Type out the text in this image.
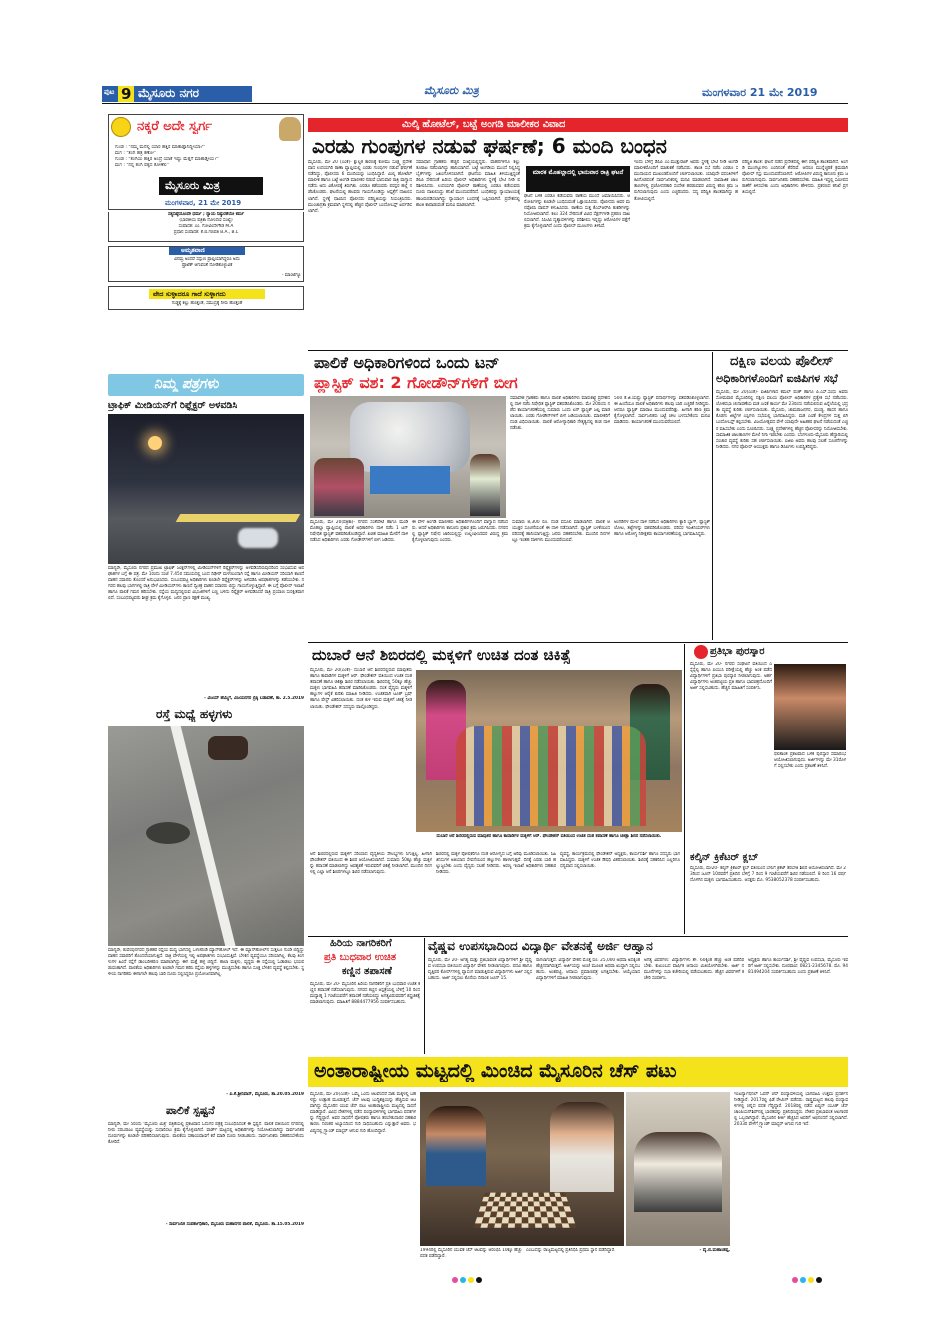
ಪುಟ 9 ಮೈಸೂರು ನಗರ	ಮೈಸೂರು ಮಿತ್ರ	ಮಂಗಳವಾರ 21 ಮೇ 2019
ನಕ್ಕರೆ ಅದೇ ಸ್ವರ್ಗ
ಗುಂಡ : "ನಮ್ಮ ಮನೆಲ್ಲಿ ಯಾರ ಹತ್ತಿರ ಮಾತಾಡ್ತಾನಿದ್ದೀಯಾ?"
ಮಗ : "ತಂಗಿ ಹತ್ರ ಕಣೋ"
ಗುಂಡ : "ತಂಗಿಯ ಹತ್ತಿರ ಅಂದ್ರೆ ಯಾಕೆ ಇಷ್ಟು ಮೆತ್ತಗೆ ಮಾತಾಡ್ತೀಯ?"
ಮಗ : "ನನ್ನ ತಂಗಿ ಪಕ್ಕದ ಕೋಣೆಲಿ"
ಮೈಸೂರು ಮಿತ್ರ
ಮಂಗಳವಾರ, 21 ಮೇ 2019
ಸತ್ಯನಿಷ್ಠೆಯೊಂದೇ ಧರ್ಮ ; ನ್ಯಾಯ ನಿಷ್ಠುರತೆಯೇ ಕರ್ಮ
(ಭಾರತೀಯ ಪತ್ರಿಕಾ ನೋಂದಣಿ ಸಂಖ್ಯೆ)
ಸಂಪಾದಕ: ಎಂ. ಗೋವಿಂದೇಗೌಡ M.A
ಪ್ರಧಾನ ಸಂಪಾದಕ: ಕೆ.ಬಿ.ಗಣಪತಿ B.A., B.L
ಅಮೃತವಾಣಿ
ವಿನಮ್ರ ಅಂದರೆ ಸದ್ಗುಣ ಪ್ರಾಪ್ತಿಯಾಗಿದ್ದರೂ ಅದು
ಪ್ರೊಟೆಕ್ ಆಗುವಂತೆ ನೋಡಿಕೊಳ್ಳುವಿಕೆ
- ಮಾಂಟೆಗ್ಯೂ
ವೇದ ಸುಳ್ಳಾದರೂ ಗಾದೆ ಸುಳ್ಳಾಗದು
ಗುಡ್ಡಕ್ಕೆ ಕಲ್ಲು ಹೊತ್ತಂತೆ, ಸಮುದ್ರಕ್ಕೆ ನೀರು ಹೊತ್ತಂತೆ
ನಿಮ್ಮ ಪತ್ರಗಳು
ಟ್ರಾಫಿಕ್ ಮೀಡಿಯನ್‌ಗೆ ರಿಫ್ಲೆಕ್ಟರ್ ಅಳವಡಿಸಿ
ಮಾನ್ಯರೇ, ಮೈಸೂರು ನಗರದ ಪ್ರಮುಖ ಟ್ರಾಫಿಕ್ ಜಂಕ್ಷನ್‌ಗಳಲ್ಲಿ ಮೀಡಿಯನ್‌ಗಳಿಗೆ ರಿಫ್ಲೆಕ್ಟರ್‌ಗಳನ್ನು ಅಳವಡಿಸದಿರುವುದರಿಂದ ಸಂಭವಿಸುವ ಅಪಘಾತಗಳ ಬಗ್ಗೆ ಈ ಪತ್ರ. ಮೇ 1ರಂದು ಸಂಜೆ 7.45ರ ಸಮಯದಲ್ಲಿ ಬಂದ ದಿಢೀರ್ ಮಳೆಯಿಂದಾಗಿ ರಸ್ತೆ ಹಾಗೂ ಮೀಡಿಯನ್ ಸರಿಯಾಗಿ ಕಾಣದೆ ವಾಹನ ಸವಾರರು ತೊಂದರೆ ಅನುಭವಿಸಿದರು. ಸಂಬಂಧಪಟ್ಟ ಅಧಿಕಾರಿಗಳು ಕೂಡಲೇ ರಿಫ್ಲೆಕ್ಟರ್‌ಗಳನ್ನು ಅಳವಡಿಸಿ ಅಪಘಾತಗಳನ್ನು ತಡೆಯಬೇಕು. ನಗರದ ಹಲವು ಭಾಗಗಳಲ್ಲಿ ರಾತ್ರಿ ವೇಳೆ ಮೀಡಿಯನ್‌ಗಳು ಕಾಣದೆ ದ್ವಿಚಕ್ರ ವಾಹನ ಸವಾರರು ಬಿದ್ದು ಗಾಯಗೊಳ್ಳುತ್ತಿದ್ದಾರೆ. ಈ ಬಗ್ಗೆ ಪೊಲೀಸ್ ಇಲಾಖೆ ಹಾಗೂ ಪಾಲಿಕೆ ಗಮನ ಹರಿಸಬೇಕು. ರಸ್ತೆಯ ಮಧ್ಯದಲ್ಲಿರುವ ವಿಭಜಕಗಳಿಗೆ ಬಣ್ಣ ಬಳಿದು ರಿಫ್ಲೆಕ್ಟರ್ ಅಳವಡಿಸಿದರೆ ರಾತ್ರಿ ಪ್ರಯಾಣ ಸುರಕ್ಷಿತವಾಗಲಿದೆ. ಸಂಬಂಧಪಟ್ಟವರು ಶೀಘ್ರ ಕ್ರಮ ಕೈಗೊಳ್ಳಲಿ. ಜನರ ಪ್ರಾಣ ರಕ್ಷಣೆ ಮುಖ್ಯ.
- ವಿಜಯ್ ಹೆಮ್ಮಿಗೆ, ವಿಜಯನಗರ ಬ್ರಿಕ್ಕಿ ಬಡಾವಣೆ, ತಾ. 2.5.2019
ರಸ್ತೆ ಮಧ್ಯೆ ಹಳ್ಳಗಳು
ಮಾನ್ಯರೇ, ಕುವೆಂಪುನಗರದ ಗ್ರಾಹಕರ ರಸ್ತೆಯ ಮಧ್ಯ ಭಾಗದಲ್ಲಿ ಒಳಚರಂಡಿ ಮ್ಯಾನ್‌ಹೋಲ್ ಇದೆ. ಈ ಮ್ಯಾನ್‌ಹೋಲ್‌ನ ಸುತ್ತಲೂ ಗುಂಡಿ ಬಿದ್ದಿದ್ದು ವಾಹನ ಸವಾರರಿಗೆ ತೊಂದರೆಯಾಗುತ್ತಿದೆ. ರಾತ್ರಿ ವೇಳೆಯಲ್ಲಿ ಇಲ್ಲಿ ಅಪಘಾತಗಳು ಸಂಭವಿಸುತ್ತಿವೆ. ಬೆಳಕಿನ ವ್ಯವಸ್ಥೆಯೂ ಸರಿಯಾಗಿಲ್ಲ. ಕೆಲವು ತಿಂಗಳುಗಳ ಹಿಂದೆ ರಸ್ತೆಗೆ ಡಾಂಬರೀಕರಣ ಮಾಡಲಾಗಿದ್ದು ಈಗ ಮತ್ತೆ ಹಳ್ಳ ಬಿದ್ದಿದೆ. ಶಾಲಾ ಮಕ್ಕಳು, ವೃದ್ಧರು ಈ ರಸ್ತೆಯಲ್ಲಿ ಓಡಾಡಲು ಭಯಪಡುವಂತಾಗಿದೆ. ಪಾಲಿಕೆಯ ಅಧಿಕಾರಿಗಳು ಕೂಡಲೇ ಗಮನ ಹರಿಸಿ ರಸ್ತೆಯ ಹಳ್ಳಗಳನ್ನು ಮುಚ್ಚಿಸಬೇಕು ಹಾಗೂ ಸೂಕ್ತ ಬೆಳಕಿನ ವ್ಯವಸ್ಥೆ ಕಲ್ಪಿಸಬೇಕು. ಸ್ಥಳೀಯ ನಾಗರಿಕರು ಈಗಾಗಲೇ ಹಲವು ಬಾರಿ ದೂರು ಸಲ್ಲಿಸಿದ್ದರೂ ಪ್ರಯೋಜನವಾಗಿಲ್ಲ.
- ಪಿ.ಕೆ.ಶ್ರೀನಿವಾಸ್, ಮೈಸೂರು, ತಾ.20.05.2019
ಪಾಲಿಕೆ ಸ್ಪಷ್ಟನೆ
ಮಾನ್ಯರೇ, ಮೇ 5ರಂದು 'ಮೈಸೂರು ಮಿತ್ರ' ಪತ್ರಿಕೆಯಲ್ಲಿ ಪ್ರಕಟವಾದ ಓದುಗರ ಪತ್ರಕ್ಕೆ ಸಂಬಂಧಿಸಿದಂತೆ ಈ ಸ್ಪಷ್ಟನೆ. ಪಾಲಿಕೆ ವತಿಯಿಂದ ನಗರದಲ್ಲಿ ನೀರು ಸರಬರಾಜು ವ್ಯವಸ್ಥೆಯನ್ನು ಸುಧಾರಿಸಲು ಕ್ರಮ ಕೈಗೊಳ್ಳಲಾಗಿದೆ. ವಾರ್ಡ್ ಮಟ್ಟದಲ್ಲಿ ಅಧಿಕಾರಿಗಳನ್ನು ನಿಯೋಜಿಸಲಾಗಿದ್ದು ಸಾರ್ವಜನಿಕರ ದೂರುಗಳನ್ನು ಕೂಡಲೇ ಪರಿಹರಿಸಲಾಗುವುದು. ಪಾಲಿಕೆಯ ಸಹಾಯವಾಣಿಗೆ ಕರೆ ಮಾಡಿ ದೂರು ನೀಡಬಹುದು. ಸಾರ್ವಜನಿಕರು ಸಹಕರಿಸಬೇಕೆಂದು ಕೋರಿದೆ.
- ಸಾರ್ವಜನಿಕ ಸಂಪರ್ಕಾಧಿಕಾರಿ, ಮೈಸೂರು ಮಹಾನಗರ ಪಾಲಿಕೆ, ಮೈಸೂರು. ತಾ.15.05.2019
ಮಿಲ್ಕಿ ಹೋಟೆಲ್, ಬಟ್ಟೆ ಅಂಗಡಿ ಮಾಲೀಕರ ವಿವಾದ
ಎರಡು ಗುಂಪುಗಳ ನಡುವೆ ಘರ್ಷಣೆ; 6 ಮಂದಿ ಬಂಧನ
ಮೈಸೂರು, ಮೇ 20 (ಎಂಕೆ)- ಕ್ಷುಲ್ಲಕ ಕಾರಣಕ್ಕೆ ಕೋಮು ಸೂಕ್ಷ್ಮ ಪ್ರದೇಶವಾದ ಉದಯಗಿರಿ ಠಾಣಾ ವ್ಯಾಪ್ತಿಯಲ್ಲಿ ಎರಡು ಗುಂಪುಗಳ ನಡುವೆ ಘರ್ಷಣೆ ನಡೆದಿದ್ದು, ಪೊಲೀಸರು 6 ಮಂದಿಯನ್ನು ಬಂಧಿಸಿದ್ದಾರೆ. ಮಿಲ್ಕಿ ಹೋಟೆಲ್ ಮಾಲೀಕ ಹಾಗೂ ಬಟ್ಟೆ ಅಂಗಡಿ ಮಾಲೀಕರ ನಡುವೆ ಭಾನುವಾರ ರಾತ್ರಿ ವಾಗ್ವಾದ ನಡೆದು ಅದು ವಿಕೋಪಕ್ಕೆ ತಿರುಗಿತು. ಎರಡೂ ಕಡೆಯವರು ಪರಸ್ಪರ ಹಲ್ಲೆ ನಡೆಸಿಕೊಂಡರು. ಘಟನೆಯಲ್ಲಿ ಹಲವರು ಗಾಯಗೊಂಡಿದ್ದು ಆಸ್ಪತ್ರೆಗೆ ದಾಖಲಿಸಲಾಗಿದೆ. ಸ್ಥಳಕ್ಕೆ ಧಾವಿಸಿದ ಪೊಲೀಸರು ಪರಿಸ್ಥಿತಿಯನ್ನು ನಿಯಂತ್ರಿಸಿದರು. ಮುಂಜಾಗ್ರತಾ ಕ್ರಮವಾಗಿ ಸ್ಥಳದಲ್ಲಿ ಹೆಚ್ಚಿನ ಪೊಲೀಸ್ ಬಂದೋಬಸ್ತ್ ಏರ್ಪಡಿಸಲಾಗಿದೆ.
ಸಮಾಧಾನ ಗ್ರಾಹಕರು ಹೆಚ್ಚಿನ ಸಂಖ್ಯೆಯಲ್ಲಿದ್ದರು. ವಾಹನಗಳಿಗೂ ಕಲ್ಲು ತೂರಾಟ ನಡೆಸಲಾಗಿದ್ದು ಹಾನಿಯಾಗಿದೆ. ಬಟ್ಟೆ ಅಂಗಡಿಯ ಮುಂದೆ ನಿಲ್ಲಿಸಿದ್ದ ಬೈಕ್‌ಗಳನ್ನು ಜಖಂಗೊಳಿಸಲಾಗಿದೆ. ಘಟನೆಯ ಮಾಹಿತಿ ತಿಳಿಯುತ್ತಿದ್ದಂತೆ ಡಿಸಿಪಿ ಸೇರಿದಂತೆ ಹಿರಿಯ ಪೊಲೀಸ್ ಅಧಿಕಾರಿಗಳು ಸ್ಥಳಕ್ಕೆ ಭೇಟಿ ನೀಡಿ ಪರಿಶೀಲಿಸಿದರು. ಉದಯಗಿರಿ ಪೊಲೀಸ್ ಠಾಣೆಯಲ್ಲಿ ಎರಡೂ ಕಡೆಯವರು ದೂರು ದಾಖಲಿಸಿದ್ದು ತನಿಖೆ ಮುಂದುವರೆದಿದೆ. ಬಂಧಿತರನ್ನು ನ್ಯಾಯಾಲಯಕ್ಕೆ ಹಾಜರುಪಡಿಸಲಾಗಿದ್ದು ನ್ಯಾಯಾಂಗ ಬಂಧನಕ್ಕೆ ಒಪ್ಪಿಸಲಾಗಿದೆ. ಪ್ರದೇಶದಲ್ಲಿ ಶಾಂತಿ ಕಾಪಾಡುವಂತೆ ಮನವಿ ಮಾಡಲಾಗಿದೆ.
ಮಾರಕ ಮೊಹಲ್ಲಾದಲ್ಲಿ ಭಾನುವಾರ ರಾತ್ರಿ ಘಟನೆ
ಘಟನೆ ಬಳಿಕ ಎರಡೂ ಕಡೆಯವರು ಠಾಣೆಯ ಮುಂದೆ ಜಮಾಯಿಸಿದರು. ಆರೋಪಿಗಳನ್ನು ಕೂಡಲೇ ಬಂಧಿಸುವಂತೆ ಒತ್ತಾಯಿಸಿದರು. ಪೊಲೀಸರು ಅವರ ಮನವೊಲಿಸಿ ವಾಪಸ್ ಕಳುಹಿಸಿದರು. ಠಾಣೆಯ ಸುತ್ತ ಕೆಎಸ್‌ಆರ್‌ಪಿ ತುಕಡಿಗಳನ್ನು ನಿಯೋಜಿಸಲಾಗಿದೆ. ಕಲಂ 324 ಸೇರಿದಂತೆ ವಿವಿಧ ಸೆಕ್ಷನ್‌ಗಳಡಿ ಪ್ರಕರಣ ದಾಖಲಿಸಲಾಗಿದೆ. ಸಿಸಿಟಿವಿ ದೃಶ್ಯಾವಳಿಗಳನ್ನು ಪರಿಶೀಲಿಸಿ ಇನ್ನಷ್ಟು ಆರೋಪಿಗಳ ಪತ್ತೆಗೆ ಕ್ರಮ ಕೈಗೊಳ್ಳಲಾಗಿದೆ ಎಂದು ಪೊಲೀಸ್ ಮೂಲಗಳು ತಿಳಿಸಿವೆ.
ಇಂದು ಬೆಳಿಗ್ಗೆ ಡಿಸಿಪಿ ಎಂ.ಮುತ್ತುರಾಜ್ ಅವರು ಸ್ಥಳಕ್ಕೆ ಭೇಟಿ ನೀಡಿ ಅಂಗಡಿ ಮಾಲೀಕರೊಂದಿಗೆ ಮಾತುಕತೆ ನಡೆಸಿದರು. ಶಾಂತಿ ಸಭೆ ನಡೆಸಿ ಎರಡೂ ಸಮುದಾಯದ ಮುಖಂಡರೊಂದಿಗೆ ಚರ್ಚಿಸಲಾಯಿತು. ಯಾವುದೇ ವದಂತಿಗಳಿಗೆ ಕಿವಿಗೊಡದಂತೆ ಸಾರ್ವಜನಿಕರಲ್ಲಿ ಮನವಿ ಮಾಡಲಾಗಿದೆ. ಸಾಮಾಜಿಕ ಜಾಲತಾಣಗಳಲ್ಲಿ ಪ್ರಚೋದನಕಾರಿ ಸಂದೇಶ ಹರಡುವವರ ವಿರುದ್ಧ ಕಠಿಣ ಕ್ರಮ ಜರುಗಿಸಲಾಗುವುದು ಎಂದು ಎಚ್ಚರಿಸಿದರು. ಸದ್ಯ ಪರಿಸ್ಥಿತಿ ಶಾಂತವಾಗಿದ್ದು ಹತೋಟಿಯಲ್ಲಿದೆ.
ಪರಿಸ್ಥಿತಿ ಶಾಂತ: ಘಟನೆ ನಡೆದ ಪ್ರದೇಶದಲ್ಲಿ ಈಗ ಪರಿಸ್ಥಿತಿ ಶಾಂತವಾಗಿದೆ. ಅಂಗಡಿ ಮುಂಗಟ್ಟುಗಳು ಎಂದಿನಂತೆ ತೆರೆದಿವೆ. ಆದರೂ ಮುನ್ನೆಚ್ಚರಿಕೆ ಕ್ರಮವಾಗಿ ಪೊಲೀಸ್ ಗಸ್ತು ಮುಂದುವರೆಸಲಾಗಿದೆ. ಆರೋಪಿಗಳ ವಿರುದ್ಧ ಕಾನೂನು ಕ್ರಮ ಜರುಗಿಸಲಾಗುವುದು. ಸಾರ್ವಜನಿಕರು ಸಹಕರಿಸಬೇಕು. ಮಾಹಿತಿ ಇದ್ದಲ್ಲಿ ಸಮೀಪದ ಠಾಣೆಗೆ ತಿಳಿಸಬೇಕು ಎಂದು ಅಧಿಕಾರಿಗಳು ಹೇಳಿದರು. ಪ್ರಕರಣದ ತನಿಖೆ ಪ್ರಗತಿಯಲ್ಲಿದೆ.
ಪಾಲಿಕೆ ಅಧಿಕಾರಿಗಳಿಂದ ಒಂದು ಟನ್
ಪ್ಲಾಸ್ಟಿಕ್ ವಶ: 2 ಗೋಡೌನ್‌ಗಳಿಗೆ ಬೀಗ
ಸಮಾವೇಶ ಗ್ರಾಹಕರು ಹಾಗೂ ಪಾಲಿಕೆ ಅಧಿಕಾರಿಗಳು ಮಾರುಕಟ್ಟೆ ಪ್ರದೇಶದಲ್ಲಿ ದಾಳಿ ನಡೆಸಿ ನಿಷೇಧಿತ ಪ್ಲಾಸ್ಟಿಕ್ ವಶಪಡಿಸಿಕೊಂಡರು. ಮೇ 20ರಂದು ನಡೆದ ಕಾರ್ಯಾಚರಣೆಯಲ್ಲಿ ಸುಮಾರು ಒಂದು ಟನ್ ಪ್ಲಾಸ್ಟಿಕ್ ಜಪ್ತಿ ಮಾಡಲಾಯಿತು. ಎರಡು ಗೋಡೌನ್‌ಗಳಿಗೆ ಬೀಗ ಜಡಿಯಲಾಯಿತು. ಮಾಲೀಕರಿಗೆ ದಂಡ ವಿಧಿಸಲಾಯಿತು. ಪಾಲಿಕೆ ಆರೋಗ್ಯಾಧಿಕಾರಿ ನೇತೃತ್ವದಲ್ಲಿ ತಂಡ ದಾಳಿ ನಡೆಸಿತು.
500 ಕೆ.ಜಿ.ಯಷ್ಟು ಪ್ಲಾಸ್ಟಿಕ್ ಪದಾರ್ಥಗಳನ್ನು ವಶಪಡಿಸಿಕೊಳ್ಳಲಾಗಿದೆ. ಈ ಹಿಂದೆಯೂ ಪಾಲಿಕೆ ಅಧಿಕಾರಿಗಳು ಹಲವು ಬಾರಿ ಎಚ್ಚರಿಕೆ ನೀಡಿದ್ದರು. ಆದರೂ ಪ್ಲಾಸ್ಟಿಕ್ ಮಾರಾಟ ಮುಂದುವರೆದಿತ್ತು. ಹೀಗಾಗಿ ಕಠಿಣ ಕ್ರಮ ಕೈಗೊಳ್ಳಲಾಗಿದೆ. ಸಾರ್ವಜನಿಕರು ಬಟ್ಟೆ ಚೀಲ ಬಳಸಬೇಕೆಂದು ಮನವಿ ಮಾಡಿದರು. ಕಾರ್ಯಾಚರಣೆ ಮುಂದುವರೆಯಲಿದೆ.
ಮೈಸೂರು, ಮೇ 20(ಪತ್ರಿಕಾ)- ನಗರದ ಸಂತೆಪೇಟೆ ಹಾಗೂ ಮಂಡಿ ಮೊಹಲ್ಲಾ ವ್ಯಾಪ್ತಿಯಲ್ಲಿ ಪಾಲಿಕೆ ಅಧಿಕಾರಿಗಳು ದಾಳಿ ನಡೆಸಿ 1 ಟನ್ ನಿಷೇಧಿತ ಪ್ಲಾಸ್ಟಿಕ್ ವಶಪಡಿಸಿಕೊಂಡಿದ್ದಾರೆ. ಖಚಿತ ಮಾಹಿತಿ ಮೇರೆಗೆ ದಾಳಿ ನಡೆಸಿದ ಅಧಿಕಾರಿಗಳು ಎರಡು ಗೋಡೌನ್‌ಗಳಿಗೆ ಬೀಗ ಜಡಿದರು.
ಈ ವೇಳೆ ಅಂಗಡಿ ಮಾಲೀಕರು ಅಧಿಕಾರಿಗಳೊಂದಿಗೆ ವಾಗ್ವಾದ ನಡೆಸಿದರು. ಆದರೆ ಅಧಿಕಾರಿಗಳು ಕಾನೂನು ಪ್ರಕಾರ ಕ್ರಮ ಜರುಗಿಸಿದರು. ನಗರದಲ್ಲಿ ಪ್ಲಾಸ್ಟಿಕ್ ನಿಷೇಧ ಜಾರಿಯಲ್ಲಿದ್ದು ಉಲ್ಲಂಘಿಸಿದವರ ವಿರುದ್ಧ ಕ್ರಮ ಕೈಗೊಳ್ಳಲಾಗುವುದು ಎಂದರು.
ಸುಮಾರು 8,300 ರೂ. ದಂಡ ವಸೂಲಿ ಮಾಡಲಾಗಿದೆ. ಪಾಲಿಕೆ ಆಯುಕ್ತರ ಸೂಚನೆಯಂತೆ ಈ ದಾಳಿ ನಡೆಸಲಾಗಿದೆ. ಪ್ಲಾಸ್ಟಿಕ್ ಬಳಕೆಯಿಂದ ಪರಿಸರಕ್ಕೆ ಹಾನಿಯಾಗುತ್ತಿದ್ದು ಜನರು ಸಹಕರಿಸಬೇಕು. ಮುಂದಿನ ದಿನಗಳಲ್ಲೂ ಇಂತಹ ದಾಳಿಗಳು ಮುಂದುವರೆಯಲಿವೆ.
ಅಂಗಡಿಗಳ ಮೇಲೆ ದಾಳಿ ನಡೆಸಿದ ಅಧಿಕಾರಿಗಳು ಕ್ಯಾರಿ ಬ್ಯಾಗ್, ಪ್ಲಾಸ್ಟಿಕ್ ಲೋಟ, ತಟ್ಟೆಗಳನ್ನು ವಶಪಡಿಸಿಕೊಂಡರು. ಪರಿಸರ ಇಂಜಿನಿಯರ್‌ಗಳು ಹಾಗೂ ಆರೋಗ್ಯ ನಿರೀಕ್ಷಕರು ಕಾರ್ಯಾಚರಣೆಯಲ್ಲಿ ಭಾಗವಹಿಸಿದ್ದರು.
ದಕ್ಷಿಣ ವಲಯ ಪೊಲೀಸ್
ಅಧಿಕಾರಿಗಳೊಂದಿಗೆ ಐಜಿಪಿಗಳ ಸಭೆ
ಮೈಸೂರು, ಮೇ 20(ಎಂಕೆ)- ಐಜಿಪಿಗಳಾದ ಕಮಲ್ ಪಂತ್ ಹಾಗೂ ಪಿ.ಎಸ್.ಸಂಧು ಅವರು ಸೋಮವಾರ ಮೈಸೂರಿನಲ್ಲಿ ದಕ್ಷಿಣ ವಲಯ ಪೊಲೀಸ್ ಅಧಿಕಾರಿಗಳ ಪ್ರತ್ಯೇಕ ಸಭೆ ನಡೆಸಿದರು. ಲೋಕಸಭಾ ಚುನಾವಣೆಯ ಮತ ಎಣಿಕೆ ಕಾರ್ಯ ಮೇ 23ರಂದು ನಡೆಯಲಿರುವ ಹಿನ್ನೆಲೆಯಲ್ಲಿ ಭದ್ರತಾ ವ್ಯವಸ್ಥೆ ಕುರಿತು ಚರ್ಚಿಸಲಾಯಿತು. ಮೈಸೂರು, ಚಾಮರಾಜನಗರ, ಮಂಡ್ಯ, ಹಾಸನ ಹಾಗೂ ಕೊಡಗು ಜಿಲ್ಲೆಗಳ ಎಸ್ಪಿಗಳು ಸಭೆಯಲ್ಲಿ ಭಾಗವಹಿಸಿದ್ದರು. ಮತ ಎಣಿಕೆ ಕೇಂದ್ರಗಳ ಸುತ್ತ ಬಿಗಿ ಬಂದೋಬಸ್ತ್ ಕಲ್ಪಿಸಬೇಕು. ವಿಜಯೋತ್ಸವದ ವೇಳೆ ಯಾವುದೇ ಅಹಿತಕರ ಘಟನೆ ನಡೆಯದಂತೆ ಎಚ್ಚರ ವಹಿಸಬೇಕು ಎಂದು ಸೂಚಿಸಿದರು. ಸೂಕ್ಷ್ಮ ಪ್ರದೇಶಗಳಲ್ಲಿ ಹೆಚ್ಚಿನ ಪೊಲೀಸರನ್ನು ನಿಯೋಜಿಸಬೇಕು. ಸಾಮಾಜಿಕ ಜಾಲತಾಣಗಳ ಮೇಲೆ ನಿಗಾ ಇಡಬೇಕು ಎಂದರು. ಬೆಂಗಳೂರು-ಮೈಸೂರು ಹೆದ್ದಾರಿಯಲ್ಲಿ ಸಂಚಾರ ವ್ಯವಸ್ಥೆ ಕುರಿತು ಸಹ ಚರ್ಚಿಸಲಾಯಿತು. ಐಜಿಪಿ ಅವರು ಹಲವು ಸಲಹೆ ಸೂಚನೆಗಳನ್ನು ನೀಡಿದರು. ನಗರ ಪೊಲೀಸ್ ಆಯುಕ್ತರು ಹಾಗೂ ಡಿಸಿಪಿಗಳು ಉಪಸ್ಥಿತರಿದ್ದರು.
ದುಬಾರೆ ಆನೆ ಶಿಬಿರದಲ್ಲಿ ಮಕ್ಕಳಿಗೆ ಉಚಿತ ದಂತ ಚಿಕಿತ್ಸೆ
ಮೈಸೂರು, ಮೇ 20(ಎಂಕೆ)- ದುಬಾರೆ ಆನೆ ಶಿಬಿರದಲ್ಲಿರುವ ಮಾವುತರು ಹಾಗೂ ಕಾವಾಡಿಗಳ ಮಕ್ಕಳಿಗೆ ಆರ್. ಫೌಂಡೇಶನ್ ವತಿಯಿಂದ ಉಚಿತ ದಂತ ತಪಾಸಣೆ ಹಾಗೂ ಚಿಕಿತ್ಸಾ ಶಿಬಿರ ನಡೆಸಲಾಯಿತು. ಶಿಬಿರದಲ್ಲಿ 50ಕ್ಕೂ ಹೆಚ್ಚು ಮಕ್ಕಳು ಭಾಗವಹಿಸಿ ತಪಾಸಣೆ ಮಾಡಿಸಿಕೊಂಡರು. ದಂತ ವೈದ್ಯರು ಮಕ್ಕಳಿಗೆ ಹಲ್ಲುಗಳ ಆರೈಕೆ ಕುರಿತು ಮಾಹಿತಿ ನೀಡಿದರು. ಉಚಿತವಾಗಿ ಟೂತ್ ಬ್ರಷ್ ಹಾಗೂ ಪೇಸ್ಟ್ ವಿತರಿಸಲಾಯಿತು. ದಂತ ಕುಳಿ ಇರುವ ಮಕ್ಕಳಿಗೆ ಚಿಕಿತ್ಸೆ ನೀಡಲಾಯಿತು. ಫೌಂಡೇಶನ್ ಸದಸ್ಯರು ಪಾಲ್ಗೊಂಡಿದ್ದರು.
ದುಬಾರೆ ಆನೆ ಶಿಬಿರದಲ್ಲಿರುವ ಮಾವುತರ ಹಾಗೂ ಕಾವಾಡಿಗಳ ಮಕ್ಕಳಿಗೆ ಆರ್. ಫೌಂಡೇಶನ್ ವತಿಯಿಂದ ಉಚಿತ ದಂತ ತಪಾಸಣೆ ಹಾಗೂ ಚಿಕಿತ್ಸಾ ಶಿಬಿರ ನಡೆಸಲಾಯಿತು.
ಆನೆ ಶಿಬಿರದಲ್ಲಿರುವ ಮಕ್ಕಳಿಗೆ ಸರಿಯಾದ ವೈದ್ಯಕೀಯ ಸೌಲಭ್ಯಗಳು ಸಿಗುತ್ತಿಲ್ಲ. ಹೀಗಾಗಿ ಫೌಂಡೇಶನ್ ವತಿಯಿಂದ ಈ ಶಿಬಿರ ಆಯೋಜಿಸಲಾಗಿದೆ. ಸುಮಾರು 50ಕ್ಕೂ ಹೆಚ್ಚು ಮಕ್ಕಳನ್ನು ತಪಾಸಣೆ ಮಾಡಲಾಗಿದ್ದು ಅವಶ್ಯಕತೆ ಇರುವವರಿಗೆ ಚಿಕಿತ್ಸೆ ನೀಡಲಾಗಿದೆ. ಮುಂದಿನ ದಿನಗಳಲ್ಲಿ ಎಲ್ಲಾ ಆನೆ ಶಿಬಿರಗಳಲ್ಲೂ ಶಿಬಿರ ನಡೆಸಲಾಗುವುದು.
ಶಿಬಿರದಲ್ಲಿ ಮಕ್ಕಳ ಪೋಷಕರಿಗೂ ದಂತ ಆರೋಗ್ಯದ ಬಗ್ಗೆ ಅರಿವು ಮೂಡಿಸಲಾಯಿತು. ಸಿಹಿ ತಿನಿಸುಗಳ ಅತಿಯಾದ ಸೇವನೆಯಿಂದ ಹಲ್ಲುಗಳು ಹಾಳಾಗುತ್ತವೆ. ದಿನಕ್ಕೆ ಎರಡು ಬಾರಿ ಹಲ್ಲುಜ್ಜಬೇಕು ಎಂದು ವೈದ್ಯರು ಸಲಹೆ ನೀಡಿದರು. ಅರಣ್ಯ ಇಲಾಖೆ ಅಧಿಕಾರಿಗಳು ಸಹಕಾರ ನೀಡಿದರು.
ವ್ಯವಸ್ಥೆ, ಕಾರ್ಯಕ್ರಮದಲ್ಲಿ ಫೌಂಡೇಶನ್ ಅಧ್ಯಕ್ಷರು, ಕಾರ್ಯದರ್ಶಿ ಹಾಗೂ ಸದಸ್ಯರು ಭಾಗವಹಿಸಿದ್ದರು. ಮಕ್ಕಳಿಗೆ ಉಚಿತ ಔಷಧಿ ವಿತರಿಸಲಾಯಿತು. ಶಿಬಿರಕ್ಕೆ ಸಹಕರಿಸಿದ ಎಲ್ಲರಿಗೂ ಧನ್ಯವಾದ ಸಲ್ಲಿಸಲಾಯಿತು.
ಪ್ರತಿಭಾ ಪುರಸ್ಕಾರ
ಮೈಸೂರು, ಮೇ 20- ನಗರದ ಸಂಘಟನೆ ವತಿಯಿಂದ ಎಸ್ಸೆಸ್ಸೆಲ್ಸಿ ಹಾಗೂ ಪಿಯುಸಿ ಪರೀಕ್ಷೆಯಲ್ಲಿ ಹೆಚ್ಚು ಅಂಕ ಪಡೆದ ವಿದ್ಯಾರ್ಥಿಗಳಿಗೆ ಪ್ರತಿಭಾ ಪುರಸ್ಕಾರ ನೀಡಲಾಗುವುದು. ಅರ್ಹ ವಿದ್ಯಾರ್ಥಿಗಳು ಅಂಕಪಟ್ಟಿಯ ಪ್ರತಿ ಹಾಗೂ ಭಾವಚಿತ್ರದೊಂದಿಗೆ ಅರ್ಜಿ ಸಲ್ಲಿಸಬಹುದು. ಹೆಚ್ಚಿನ ಮಾಹಿತಿಗೆ ಸಂಪರ್ಕಿಸಿ.
ಫಲಿತಾಂಶ ಪ್ರಕಟವಾದ ಬಳಿಕ ಪುರಸ್ಕಾರ ಸಮಾರಂಭ ಆಯೋಜಿಸಲಾಗುವುದು. ಅರ್ಜಿಗಳನ್ನು ಮೇ 31ರೊಳಗೆ ಸಲ್ಲಿಸಬೇಕು ಎಂದು ಪ್ರಕಟಣೆ ತಿಳಿಸಿದೆ.
ಕಲ್ಕಿನ್ ಕ್ರಿಕೆಟರ್ ಕ್ಲಬ್
ಮೈಸೂರು, ಮೇ20- ಕಲ್ಕಿನ್ ಕ್ರಿಕೆಟರ್ ಕ್ಲಬ್ ವತಿಯಿಂದ ಬೇಸಿಗೆ ಕ್ರಿಕೆಟ್ ತರಬೇತಿ ಶಿಬಿರ ಆಯೋಜಿಸಲಾಗಿದೆ. ಮೇ 23ರಿಂದ ಜೂನ್ 10ರವರೆಗೆ ಪ್ರತಿದಿನ ಬೆಳಿಗ್ಗೆ 7 ರಿಂದ 9 ಗಂಟೆಯವರೆಗೆ ಶಿಬಿರ ನಡೆಯಲಿದೆ. 8 ರಿಂದ 16 ವರ್ಷದೊಳಗಿನ ಮಕ್ಕಳು ಭಾಗವಹಿಸಬಹುದು. ಆಸಕ್ತರು ಮೊ. 9538052378 ಸಂಪರ್ಕಿಸಬಹುದು.
ಹಿರಿಯ ನಾಗರಿಕರಿಗೆ
ಪ್ರತಿ ಬುಧವಾರ ಉಚಿತ
ಕಣ್ಣಿನ ತಪಾಸಣೆ
ಮೈಸೂರು, ಮೇ 20- ಮೈಸೂರಿನ ಹಿರಿಯ ನಾಗರಿಕರಿಗೆ ಪ್ರತಿ ಬುಧವಾರ ಉಚಿತ ಕಣ್ಣಿನ ತಪಾಸಣೆ ನಡೆಸಲಾಗುವುದು. ನಗರದ ಕಣ್ಣಿನ ಆಸ್ಪತ್ರೆಯಲ್ಲಿ ಬೆಳಿಗ್ಗೆ 10 ರಿಂದ ಮಧ್ಯಾಹ್ನ 1 ಗಂಟೆಯವರೆಗೆ ತಪಾಸಣೆ ನಡೆಯಲಿದ್ದು ಅಗತ್ಯವಿರುವವರಿಗೆ ಶಸ್ತ್ರಚಿಕಿತ್ಸೆ ಮಾಡಲಾಗುವುದು. ಮಾಹಿತಿಗೆ 8884477956 ಸಂಪರ್ಕಿಸಬಹುದು.
ವೈಷ್ಣವ ಉಪಸಭಾದಿಂದ ವಿದ್ಯಾರ್ಥಿ ವೇತನಕ್ಕೆ ಅರ್ಜಿ ಆಹ್ವಾನ
ಮೈಸೂರು, ಮೇ 20- ಅಗತ್ಯ ಮತ್ತು ಪ್ರತಿಭಾವಂತ ವಿದ್ಯಾರ್ಥಿಗಳಿಗೆ ಶ್ರೀ ವೈಷ್ಣವ ಉಪಸಭಾ ವತಿಯಿಂದ ವಿದ್ಯಾರ್ಥಿ ವೇತನ ನೀಡಲಾಗುವುದು. ಪದವಿ ಹಾಗೂ ವೃತ್ತಿಪರ ಕೋರ್ಸ್‌ಗಳಲ್ಲಿ ವ್ಯಾಸಂಗ ಮಾಡುತ್ತಿರುವ ವಿದ್ಯಾರ್ಥಿಗಳು ಅರ್ಜಿ ಸಲ್ಲಿಸಬಹುದು. ಅರ್ಜಿ ಸಲ್ಲಿಸಲು ಕೊನೆಯ ದಿನಾಂಕ ಜೂನ್ 15.
ರಾಗಲಾಗುತ್ತದೆ. ವಿದ್ಯಾರ್ಥಿ ವೇತನ ಮೊತ್ತ ರೂ. 25,000 ಅಥವಾ ಅದಕ್ಕಿಂತ ಹೆಚ್ಚಿನದಾಗಿರುತ್ತದೆ. ಅರ್ಜಿಯನ್ನು ಅಂಚೆ ಮೂಲಕ ಅಥವಾ ಖುದ್ದಾಗಿ ಸಲ್ಲಿಸಬಹುದು. ಅಂಕಪಟ್ಟಿ, ಆದಾಯ ಪ್ರಮಾಣಪತ್ರ ಲಗತ್ತಿಸಬೇಕು. ಆಯ್ಕೆಯಾದ ವಿದ್ಯಾರ್ಥಿಗಳಿಗೆ ಮಾಹಿತಿ ನೀಡಲಾಗುವುದು.
ಅಗತ್ಯ ವಿವರಗಳು: ವಿದ್ಯಾರ್ಥಿಗಳು ಶೇ. 60ಕ್ಕಿಂತ ಹೆಚ್ಚು ಅಂಕ ಪಡೆದಿರಬೇಕು. ಕುಟುಂಬದ ವಾರ್ಷಿಕ ಆದಾಯ ಮಿತಿಯೊಳಗಿರಬೇಕು. ಅರ್ಜಿ ನಮೂನೆಗಳನ್ನು ಸಭಾ ಕಚೇರಿಯಲ್ಲಿ ಪಡೆಯಬಹುದು. ಹೆಚ್ಚಿನ ವಿವರಗಳಿಗೆ ಕಚೇರಿ ಸಂಪರ್ಕಿಸಿ.
ಅಧ್ಯಕ್ಷರು ಹಾಗೂ ಕಾರ್ಯದರ್ಶಿ, ಶ್ರೀ ವೈಷ್ಣವ ಉಪಸಭಾ, ಮೈಸೂರು ಇವರಿಗೆ ಅರ್ಜಿ ಸಲ್ಲಿಸಬೇಕು. ದೂರವಾಣಿ: 0821-2345678. ಮೊ. 9481494204 ಸಂಪರ್ಕಿಸಬಹುದು ಎಂದು ಪ್ರಕಟಣೆ ತಿಳಿಸಿದೆ.
ಅಂತಾರಾಷ್ಟ್ರೀಯ ಮಟ್ಟದಲ್ಲಿ ಮಿಂಚಿದ ಮೈಸೂರಿನ ಚೆಸ್ ಪಟು
ಮೈಸೂರು, ಮೇ 20(ಎಂಕೆ)- ಒಮ್ಮೆ ಒಂದು ಆಟವೆಂದರೆ ಸಾಕು ಮಕ್ಕಳಲ್ಲಿ ಬಹಳಷ್ಟು ಉತ್ಸಾಹ ಮೂಡುತ್ತದೆ. ಚೆಸ್ ಆಟವು ಬುದ್ಧಿಶಕ್ತಿಯನ್ನು ಹೆಚ್ಚಿಸುವ ಆಟವಾಗಿದ್ದು ಮೈಸೂರಿನ ಯುವ ಚೆಸ್ ಪಟು ಅಂತಾರಾಷ್ಟ್ರೀಯ ಮಟ್ಟದಲ್ಲಿ ಸಾಧನೆ ಮಾಡಿದ್ದಾರೆ. ವಿವಿಧ ದೇಶಗಳಲ್ಲಿ ನಡೆದ ಪಂದ್ಯಾವಳಿಗಳಲ್ಲಿ ಭಾಗವಹಿಸಿ ಪದಕಗಳನ್ನು ಗೆದ್ದಿದ್ದಾರೆ. ಅವರ ಸಾಧನೆಗೆ ಪೋಷಕರು ಹಾಗೂ ತರಬೇತುದಾರರ ಸಹಕಾರ ಕಾರಣ. ನಿರಂತರ ಅಭ್ಯಾಸದಿಂದ ಗುರಿ ಸಾಧಿಸಬಹುದು ಎನ್ನುತ್ತಾರೆ ಅವರು. ಭವಿಷ್ಯದಲ್ಲಿ ಗ್ರ್ಯಾಂಡ್ ಮಾಸ್ಟರ್ ಆಗುವ ಗುರಿ ಹೊಂದಿದ್ದಾರೆ.
ಇಂಟರ್ನ್ಯಾಷನಲ್ ಓಪನ್ ಚೆಸ್ ಪಂದ್ಯಾವಳಿಯಲ್ಲಿ ಭಾಗವಹಿಸಿ ಉತ್ತಮ ಪ್ರದರ್ಶನ ನೀಡಿದ್ದಾರೆ. 2017ರಲ್ಲಿ ಫಿಡೆ ರೇಟಿಂಗ್ ಪಡೆದರು. ರಾಷ್ಟ್ರಮಟ್ಟದ ಹಲವು ಪಂದ್ಯಾವಳಿಗಳಲ್ಲಿ ಚಿನ್ನದ ಪದಕ ಗೆದ್ದಿದ್ದಾರೆ. 2018ರಲ್ಲಿ ನಡೆದ ಏಷ್ಯನ್ ಯೂತ್ ಚೆಸ್ ಚಾಂಪಿಯನ್‌ಶಿಪ್‌ನಲ್ಲಿ ಭಾರತವನ್ನು ಪ್ರತಿನಿಧಿಸಿದ್ದರು. ದೇಶದ ಪ್ರತಿಭಾವಂತ ಆಟಗಾರರಲ್ಲಿ ಒಬ್ಬರಾಗಿದ್ದಾರೆ. ಮೈಸೂರಿನ ಕೀರ್ತಿ ಹೆಚ್ಚಿಸಿದ ಅವರಿಗೆ ಅಭಿನಂದನೆ ಸಲ್ಲಿಸಲಾಗಿದೆ. 2033ರ ವೇಳೆಗೆ ಗ್ರ್ಯಾಂಡ್ ಮಾಸ್ಟರ್ ಆಗುವ ಗುರಿ ಇದೆ.
1994ರಲ್ಲಿ ಮೈಸೂರಿನ ಯುವಕ ಚೆಸ್ ಆಟವನ್ನು ಆರಂಭಿಸಿ 10ಕ್ಕೂ ಹೆಚ್ಚು ಪದಕ ಪಡೆದಿದ್ದಾರೆ.
ಎಂಬುದನ್ನು ರಾಜ್ಯಮಟ್ಟದಲ್ಲಿ ಪ್ರತಿನಿಧಿಸಿ ಪ್ರಥಮ ಸ್ಥಾನ ಪಡೆದಿದ್ದಾರೆ.	- ವೈ.ಬಿ.ಮಹಾಂತಪ್ಪ,
